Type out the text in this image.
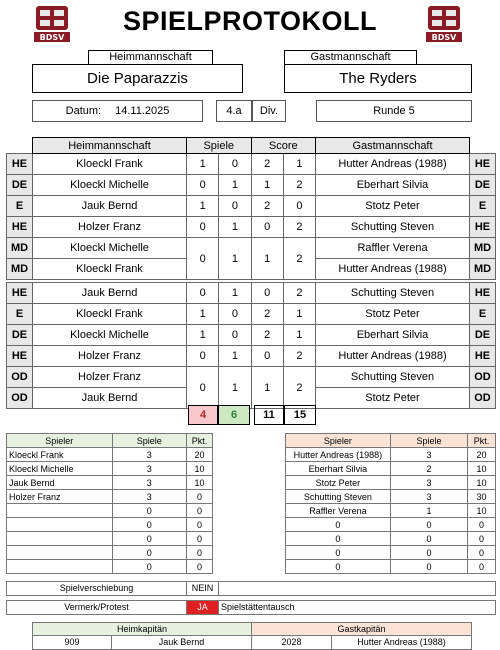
BDSV	BDSV
SPIELPROTOKOLL
Heimmannschaft	Gastmannschaft
Die Paparazzis	The Ryders
Datum: 14.11.2025	4.a	Div.	Runde 5
	Heimmannschaft	Spiele		Score		Gastmannschaft	
HE	Kloeckl Frank	1	0	2	1	Hutter Andreas (1988)	HE
DE	Kloeckl Michelle	0	1	1	2	Eberhart Silvia	DE
E	Jauk Bernd	1	0	2	0	Stotz Peter	E
HE	Holzer Franz	0	1	0	2	Schutting Steven	HE
MD	Kloeckl Michelle	0	1	1	2	Raffler Verena	MD
MD	Kloeckl Frank					Hutter Andreas (1988)	MD

HE	Jauk Bernd	0	1	0	2	Schutting Steven	HE
E	Kloeckl Frank	1	0	2	1	Stotz Peter	E
DE	Kloeckl Michelle	1	0	2	1	Eberhart Silvia	DE
HE	Holzer Franz	0	1	0	2	Hutter Andreas (1988)	HE
OD	Holzer Franz	0	1	1	2	Schutting Steven	OD
OD	Jauk Bernd					Stotz Peter	OD
4	6	11	15
Spieler	Spiele	Pkt.
Kloeckl Frank	3	20
Kloeckl Michelle	3	10
Jauk Bernd	3	10
Holzer Franz	3	0
	0	0
	0	0
	0	0
	0	0
	0	0
Spieler	Spiele	Pkt.
Hutter Andreas (1988)	3	20
Eberhart Silvia	2	10
Stotz Peter	3	10
Schutting Steven	3	30
Raffler Verena	1	10
0	0	0
0	0	0
0	0	0
0	0	0
Spielverschiebung	NEIN
Vermerk/Protest	JA	Spielstättentausch
Heimkapitän	Gastkapitän
909	Jauk Bernd	2028	Hutter Andreas (1988)
